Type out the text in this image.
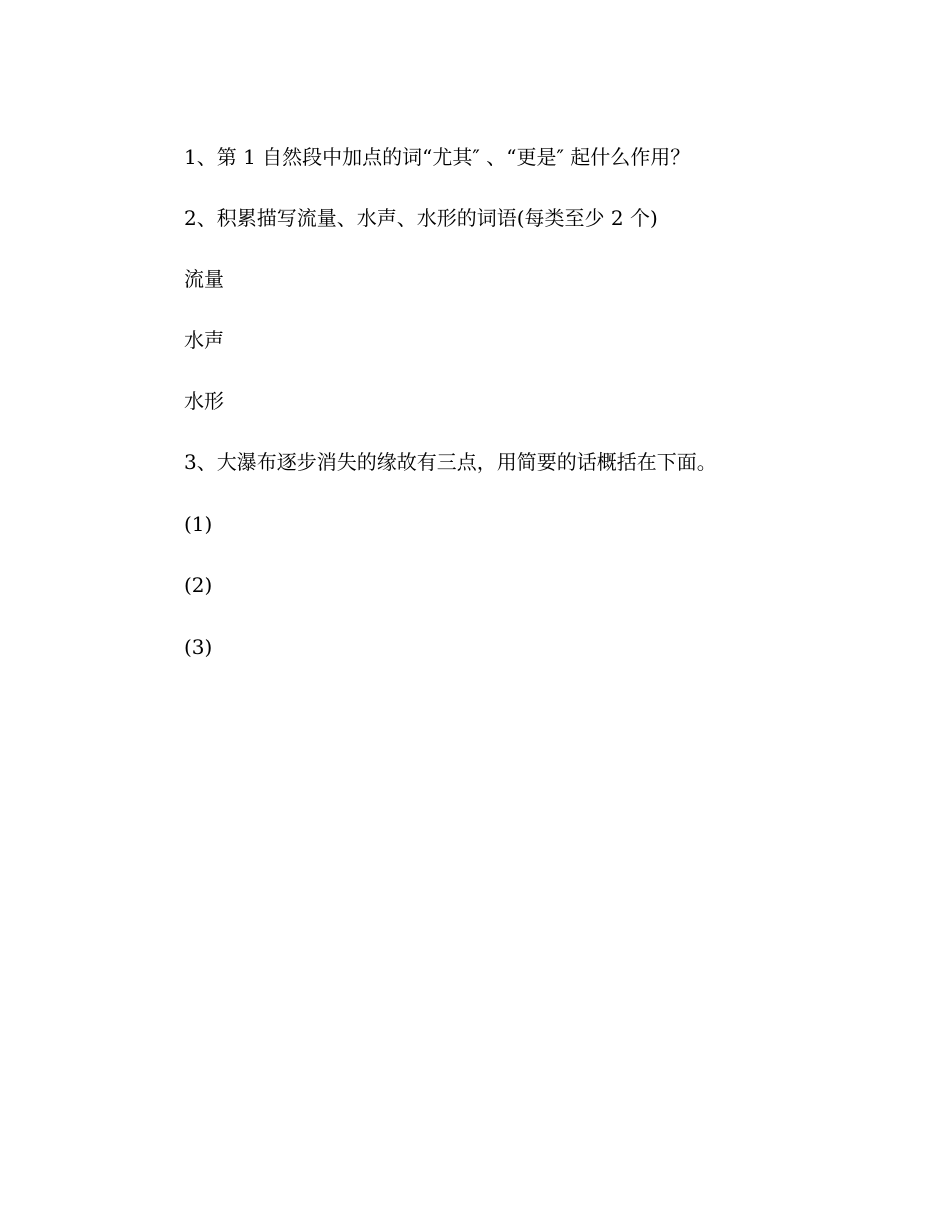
1、第 1 自然段中加点的词“尤其″ 、“更是″ 起什么作用？
2、积累描写流量、水声、水形的词语(每类至少 2 个)
流量
水声
水形
3、大瀑布逐步消失的缘故有三点，用简要的话概括在下面。
(1)
(2)
(3)
